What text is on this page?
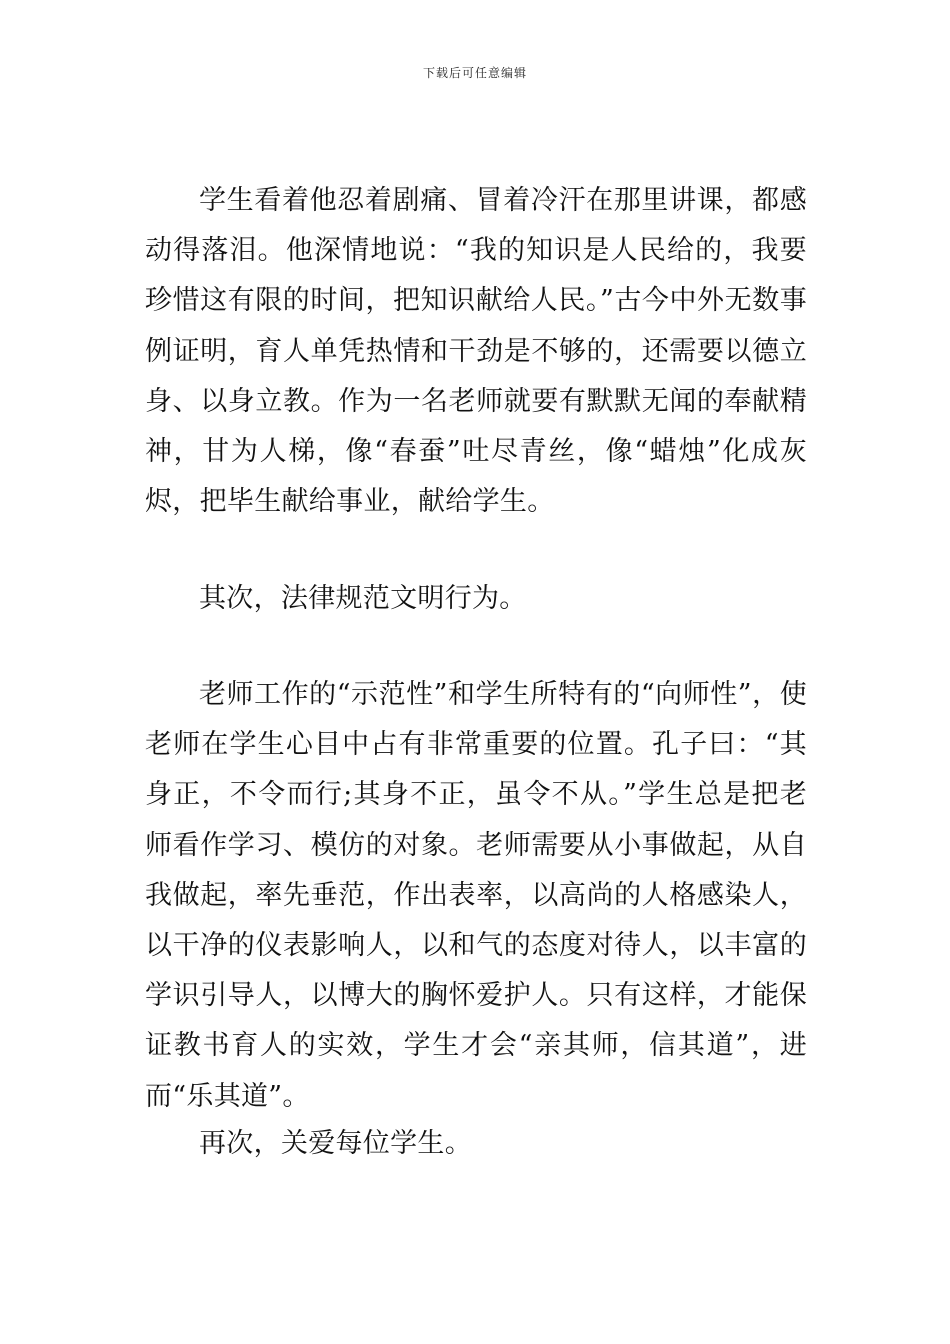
下载后可任意编辑

学生看着他忍着剧痛、冒着冷汗在那里讲课，都感动得落泪。他深情地说：“我的知识是人民给的，我要珍惜这有限的时间，把知识献给人民。”古今中外无数事例证明，育人单凭热情和干劲是不够的，还需要以德立身、以身立教。作为一名老师就要有默默无闻的奉献精神，甘为人梯，像“春蚕”吐尽青丝，像“蜡烛”化成灰烬，把毕生献给事业，献给学生。

其次，法律规范文明行为。

老师工作的“示范性”和学生所特有的“向师性”，使老师在学生心目中占有非常重要的位置。孔子曰：“其身正，不令而行;其身不正，虽令不从。”学生总是把老师看作学习、模仿的对象。老师需要从小事做起，从自我做起，率先垂范，作出表率，以高尚的人格感染人，以干净的仪表影响人，以和气的态度对待人，以丰富的学识引导人，以博大的胸怀爱护人。只有这样，才能保证教书育人的实效，学生才会“亲其师，信其道”，进而“乐其道”。

再次，关爱每位学生。
